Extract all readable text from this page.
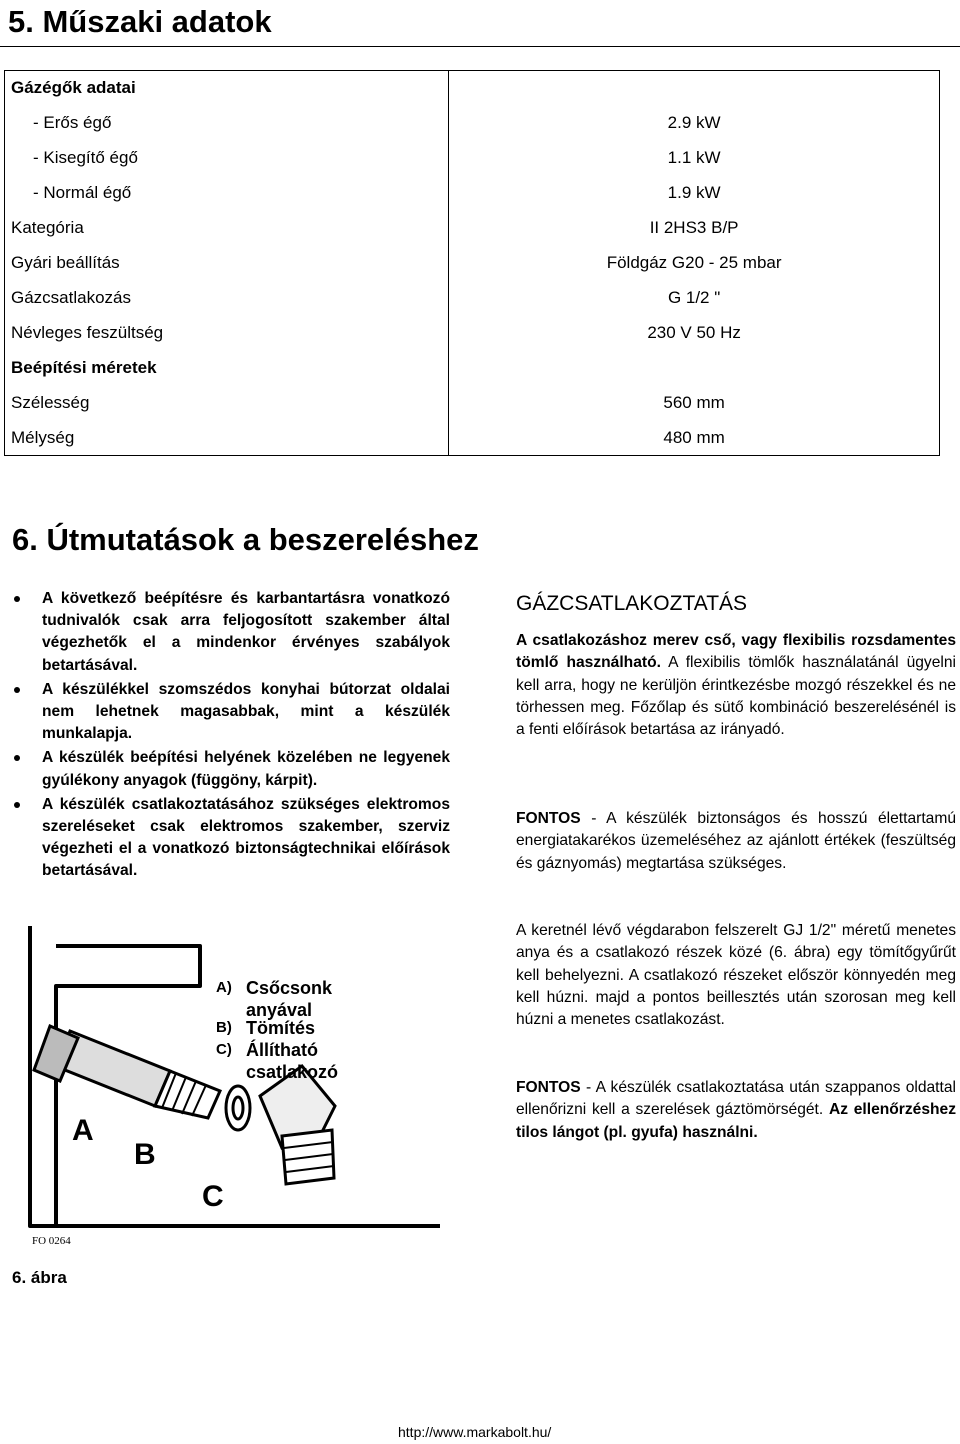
5. Műszaki adatok
Gázégők adatai	
- Erős égő	2.9 kW
- Kisegítő égő	1.1 kW
- Normál égő	1.9 kW
Kategória	II 2HS3 B/P
Gyári beállítás	Földgáz G20 - 25 mbar
Gázcsatlakozás	G 1/2 "
Névleges feszültség	230 V 50 Hz
Beépítési méretek	
Szélesség	560 mm
Mélység	480 mm
6. Útmutatások a beszereléshez
A következő beépítésre és karbantartásra vonatkozó tudnivalók csak arra feljogosított szakember által végezhetők el a mindenkor érvényes szabályok betartásával.
A készülékkel szomszédos konyhai bútorzat oldalai nem lehetnek magasabbak, mint a készülék munkalapja.
A készülék beépítési helyének közelében ne legyenek gyúlékony anyagok (függöny, kárpit).
A készülék csatlakoztatásához szükséges elektromos szereléseket csak elektromos szakember, szerviz végezheti el a vonatkozó biztonságtechnikai előírások betartásával.
GÁZCSATLAKOZTATÁS
A csatlakozáshoz merev cső, vagy flexibilis rozsdamentes tömlő használható. A flexibilis tömlők használatánál ügyelni kell arra, hogy ne kerüljön érintkezésbe mozgó részekkel és ne törhessen meg. Főzőlap és sütő kombináció beszerelésénél is a fenti előírások betartása az irányadó.
FONTOS - A készülék biztonságos és hosszú élettartamú energiatakarékos üzemeléséhez az ajánlott értékek (feszültség és gáznyomás) megtartása szükséges.
A keretnél lévő végdarabon felszerelt GJ 1/2" méretű menetes anya és a csatlakozó részek közé (6. ábra) egy tömítőgyűrűt kell behelyezni. A csatlakozó részeket először könnyedén meg kell húzni. majd a pontos beillesztés után szorosan meg kell húzni a menetes csatlakozást.
FONTOS - A készülék csatlakoztatása után szappanos oldattal ellenőrizni kell a szerelések gáztömörségét. Az ellenőrzéshez tilos lángot (pl. gyufa) használni.
A) Csőcsonk
anyával
B) Tömítés
C) Állítható
csatlakozó
A
B
C
FO 0264
6. ábra
http://www.markabolt.hu/
